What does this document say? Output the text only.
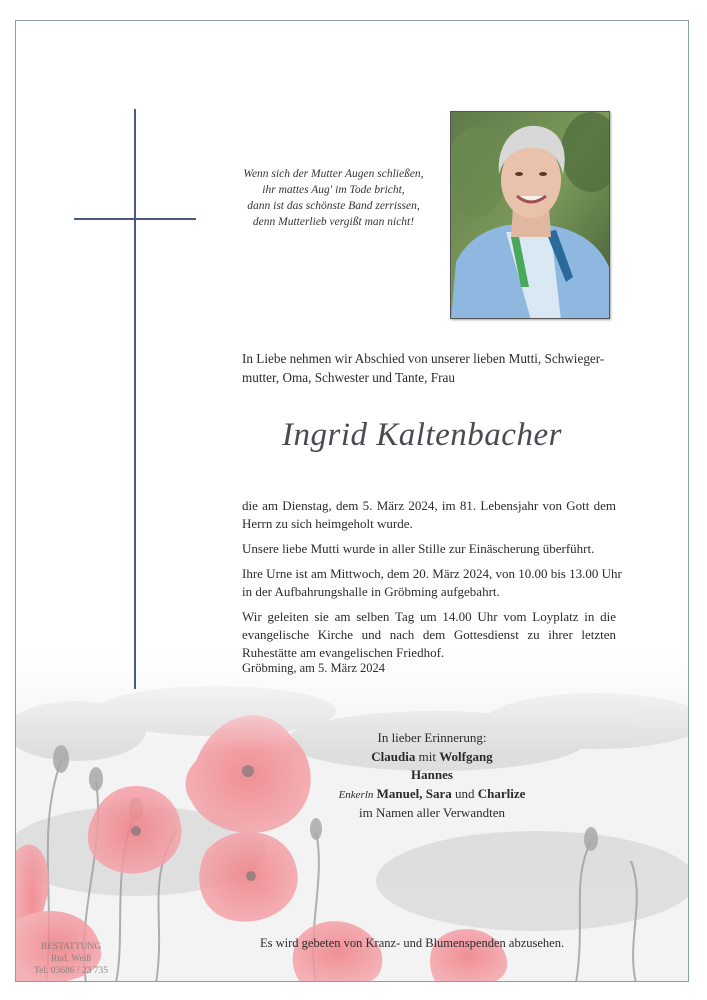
Wenn sich der Mutter Augen schließen,
ihr mattes Aug' im Tode bricht,
dann ist das schönste Band zerrissen,
denn Mutterlieb vergißt man nicht!
In Liebe nehmen wir Abschied von unserer lieben Mutti, Schwieger-
mutter, Oma, Schwester und Tante, Frau
Ingrid Kaltenbacher

die am Dienstag, dem 5. März 2024, im 81. Lebensjahr von Gott dem
Herrn zu sich heimgeholt wurde.

Unsere liebe Mutti wurde in aller Stille zur Einäscherung überführt.

Ihre Urne ist am Mittwoch, dem 20. März 2024, von 10.00 bis 13.00 Uhr
in der Aufbahrungshalle in Gröbming aufgebahrt.

Wir geleiten sie am selben Tag um 14.00 Uhr vom Loyplatz in die
evangelische Kirche und nach dem Gottesdienst zu ihrer letzten
Ruhestätte am evangelischen Friedhof.

Gröbming, am 5. März 2024
In lieber Erinnerung:
Claudia mit Wolfgang
Hannes
Enkerln Manuel, Sara und Charlize
im Namen aller Verwandten
Es wird gebeten von Kranz- und Blumenspenden abzusehen.
BESTATTUNG
Rud. Weiß
Tel. 03686 / 23 735
